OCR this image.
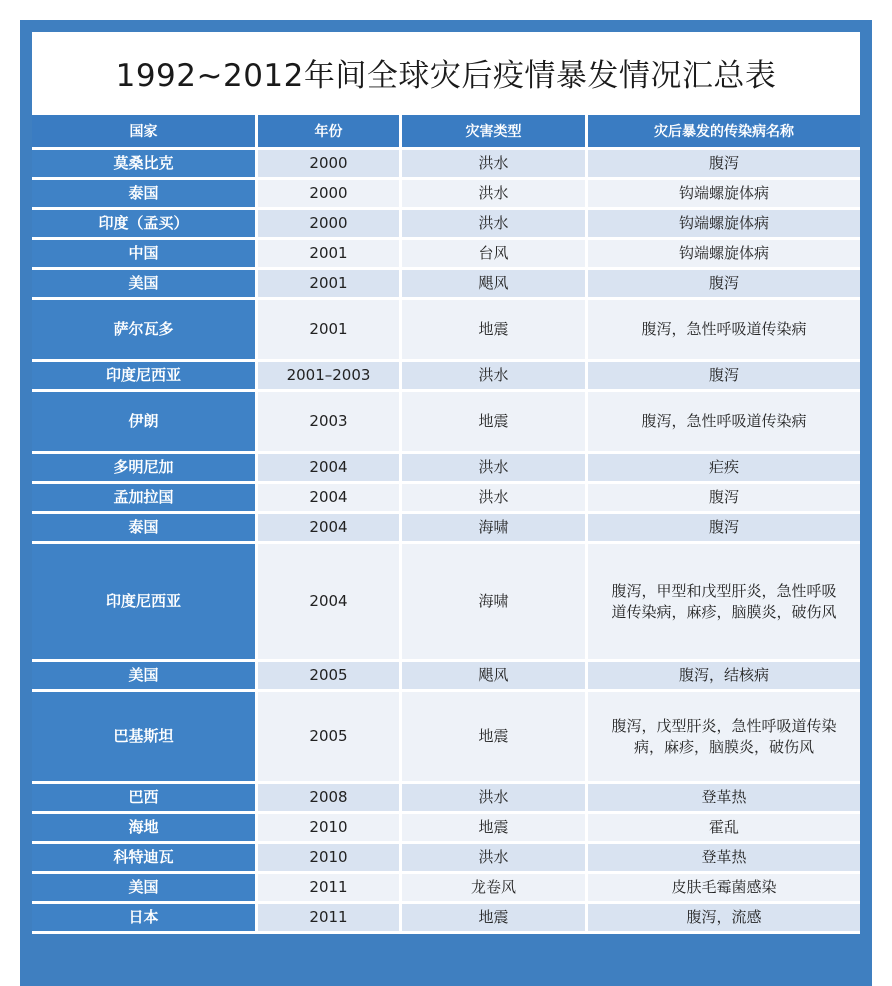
1992~2012年间全球灾后疫情暴发情况汇总表
国家	年份	灾害类型	灾后暴发的传染病名称
莫桑比克	2000	洪水	腹泻
泰国	2000	洪水	钩端螺旋体病
印度（孟买）	2000	洪水	钩端螺旋体病
中国	2001	台风	钩端螺旋体病
美国	2001	飓风	腹泻
萨尔瓦多	2001	地震	腹泻，急性呼吸道传染病
印度尼西亚	2001–2003	洪水	腹泻
伊朗	2003	地震	腹泻，急性呼吸道传染病
多明尼加	2004	洪水	疟疾
孟加拉国	2004	洪水	腹泻
泰国	2004	海啸	腹泻
印度尼西亚	2004	海啸	腹泻，甲型和戊型肝炎，急性呼吸道传染病，麻疹，脑膜炎，破伤风
美国	2005	飓风	腹泻，结核病
巴基斯坦	2005	地震	腹泻，戊型肝炎，急性呼吸道传染病，麻疹，脑膜炎，破伤风
巴西	2008	洪水	登革热
海地	2010	地震	霍乱
科特迪瓦	2010	洪水	登革热
美国	2011	龙卷风	皮肤毛霉菌感染
日本	2011	地震	腹泻，流感
